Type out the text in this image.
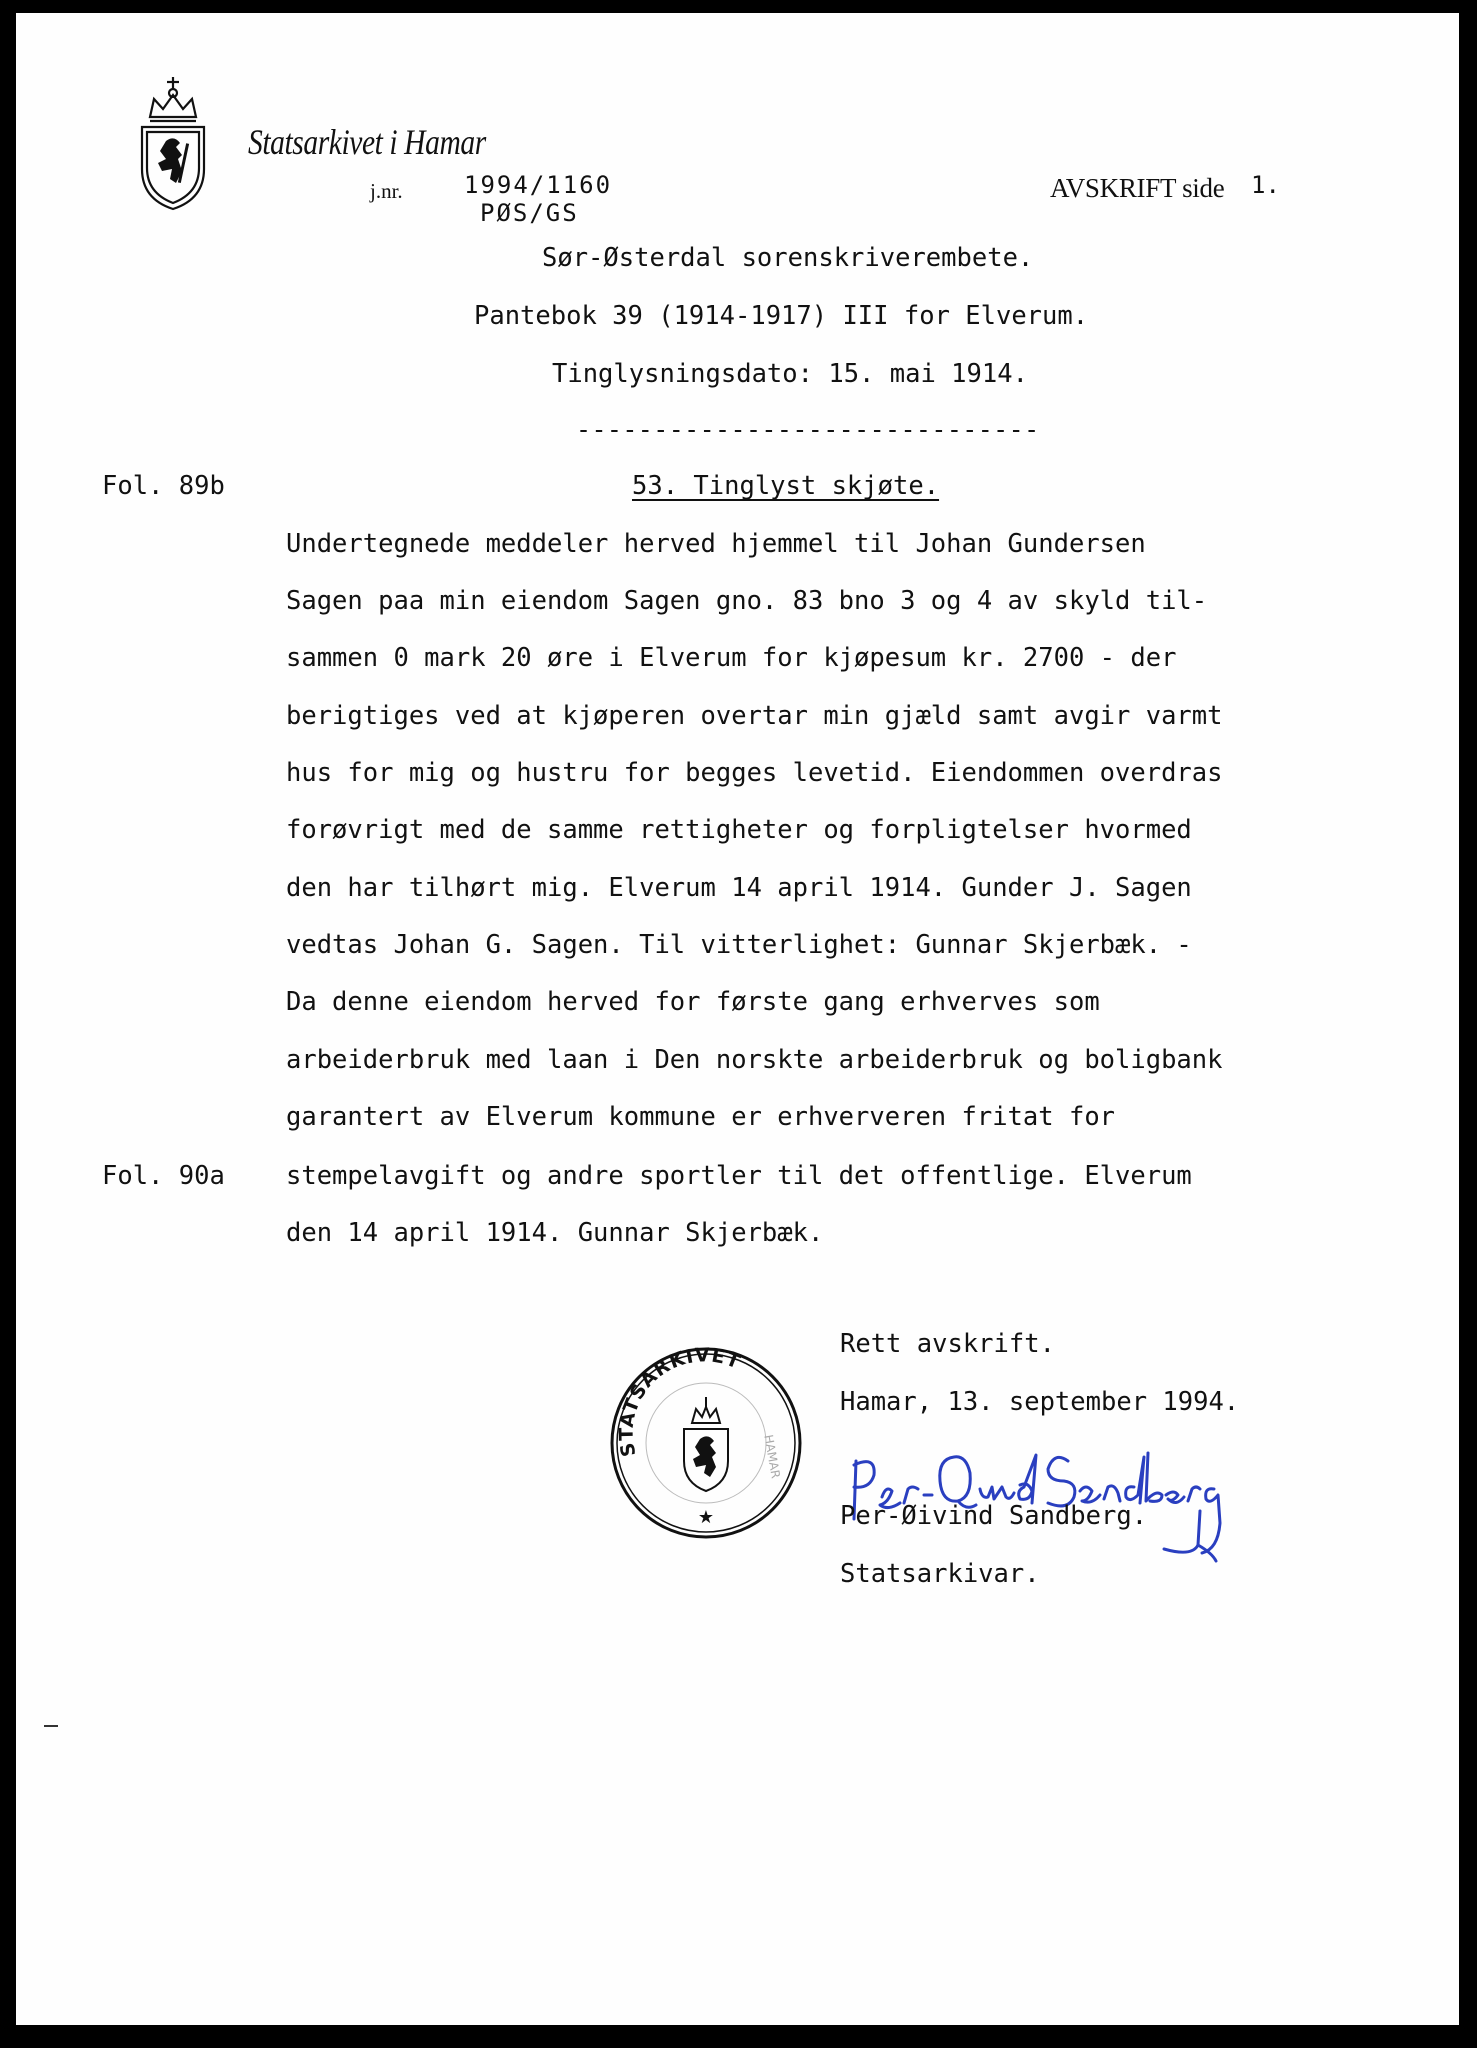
Statsarkivet i Hamar
j.nr.	1994/1160
PØS/GS
AVSKRIFT side 1.
Sør-Østerdal sorenskriverembete.
Pantebok 39 (1914-1917) III for Elverum.
Tinglysningsdato: 15. mai 1914.
------------------------------
Fol. 89b	53. Tinglyst skjøte.
Undertegnede meddeler herved hjemmel til Johan Gundersen
Sagen paa min eiendom Sagen gno. 83 bno 3 og 4 av skyld til-
sammen 0 mark 20 øre i Elverum for kjøpesum kr. 2700 - der
berigtiges ved at kjøperen overtar min gjæld samt avgir varmt
hus for mig og hustru for begges levetid. Eiendommen overdras
forøvrigt med de samme rettigheter og forpligtelser hvormed
den har tilhørt mig. Elverum 14 april 1914. Gunder J. Sagen
vedtas Johan G. Sagen. Til vitterlighet: Gunnar Skjerbæk. -
Da denne eiendom herved for første gang erhverves som
arbeiderbruk med laan i Den norskte arbeiderbruk og boligbank
garantert av Elverum kommune er erhververen fritat for
stempelavgift og andre sportler til det offentlige. Elverum
den 14 april 1914. Gunnar Skjerbæk.
Fol. 90a
STATSARKIVET
HAMAR
★
Rett avskrift.
Hamar, 13. september 1994.
Per-Øivind Sandberg.
Statsarkivar.
